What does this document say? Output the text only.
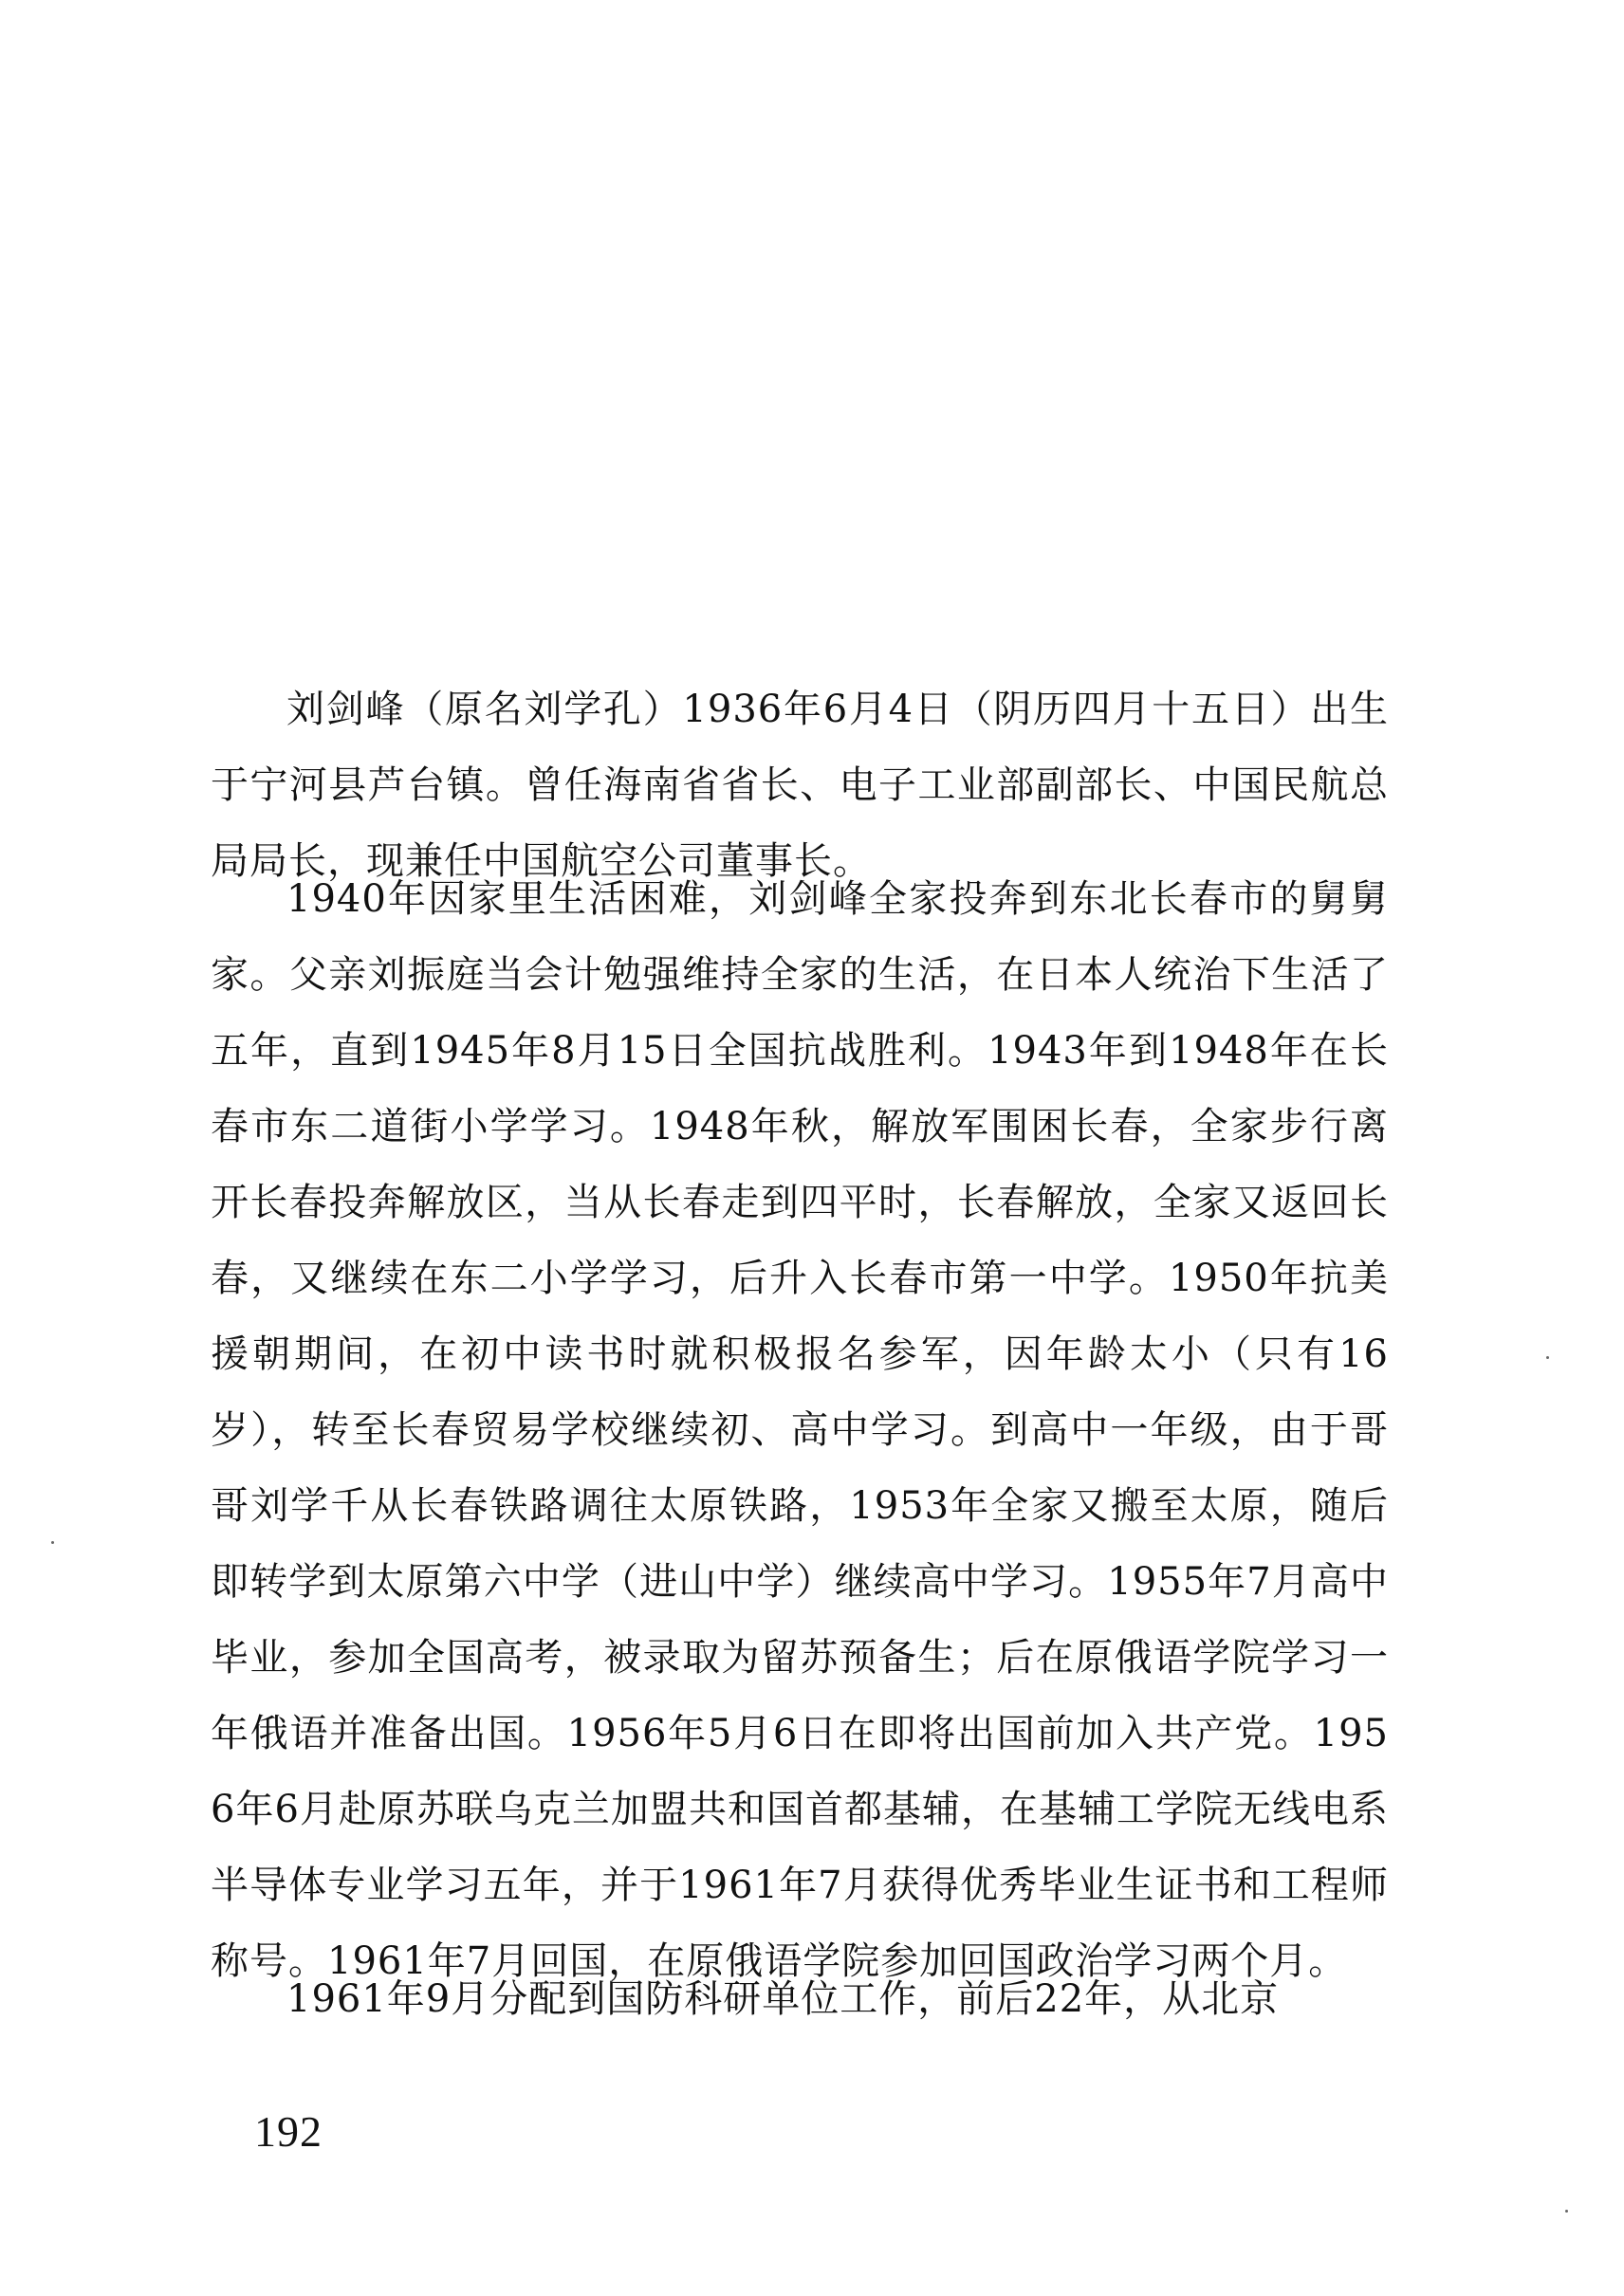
刘剑峰（原名刘学孔）1936年6月4日（阴历四月十五日）出生于宁河县芦台镇。曾任海南省省长、电子工业部副部长、中国民航总局局长，现兼任中国航空公司董事长。

1940年因家里生活困难，刘剑峰全家投奔到东北长春市的舅舅家。父亲刘振庭当会计勉强维持全家的生活，在日本人统治下生活了五年，直到1945年8月15日全国抗战胜利。1943年到1948年在长春市东二道街小学学习。1948年秋，解放军围困长春，全家步行离开长春投奔解放区，当从长春走到四平时，长春解放，全家又返回长春，又继续在东二小学学习，后升入长春市第一中学。1950年抗美援朝期间，在初中读书时就积极报名参军，因年龄太小（只有16岁），转至长春贸易学校继续初、高中学习。到高中一年级，由于哥哥刘学千从长春铁路调往太原铁路，1953年全家又搬至太原，随后即转学到太原第六中学（进山中学）继续高中学习。1955年7月高中毕业，参加全国高考，被录取为留苏预备生；后在原俄语学院学习一年俄语并准备出国。1956年5月6日在即将出国前加入共产党。1956年6月赴原苏联乌克兰加盟共和国首都基辅，在基辅工学院无线电系半导体专业学习五年，并于1961年7月获得优秀毕业生证书和工程师称号。1961年7月回国，在原俄语学院参加回国政治学习两个月。

1961年9月分配到国防科研单位工作，前后22年，从北京

192
